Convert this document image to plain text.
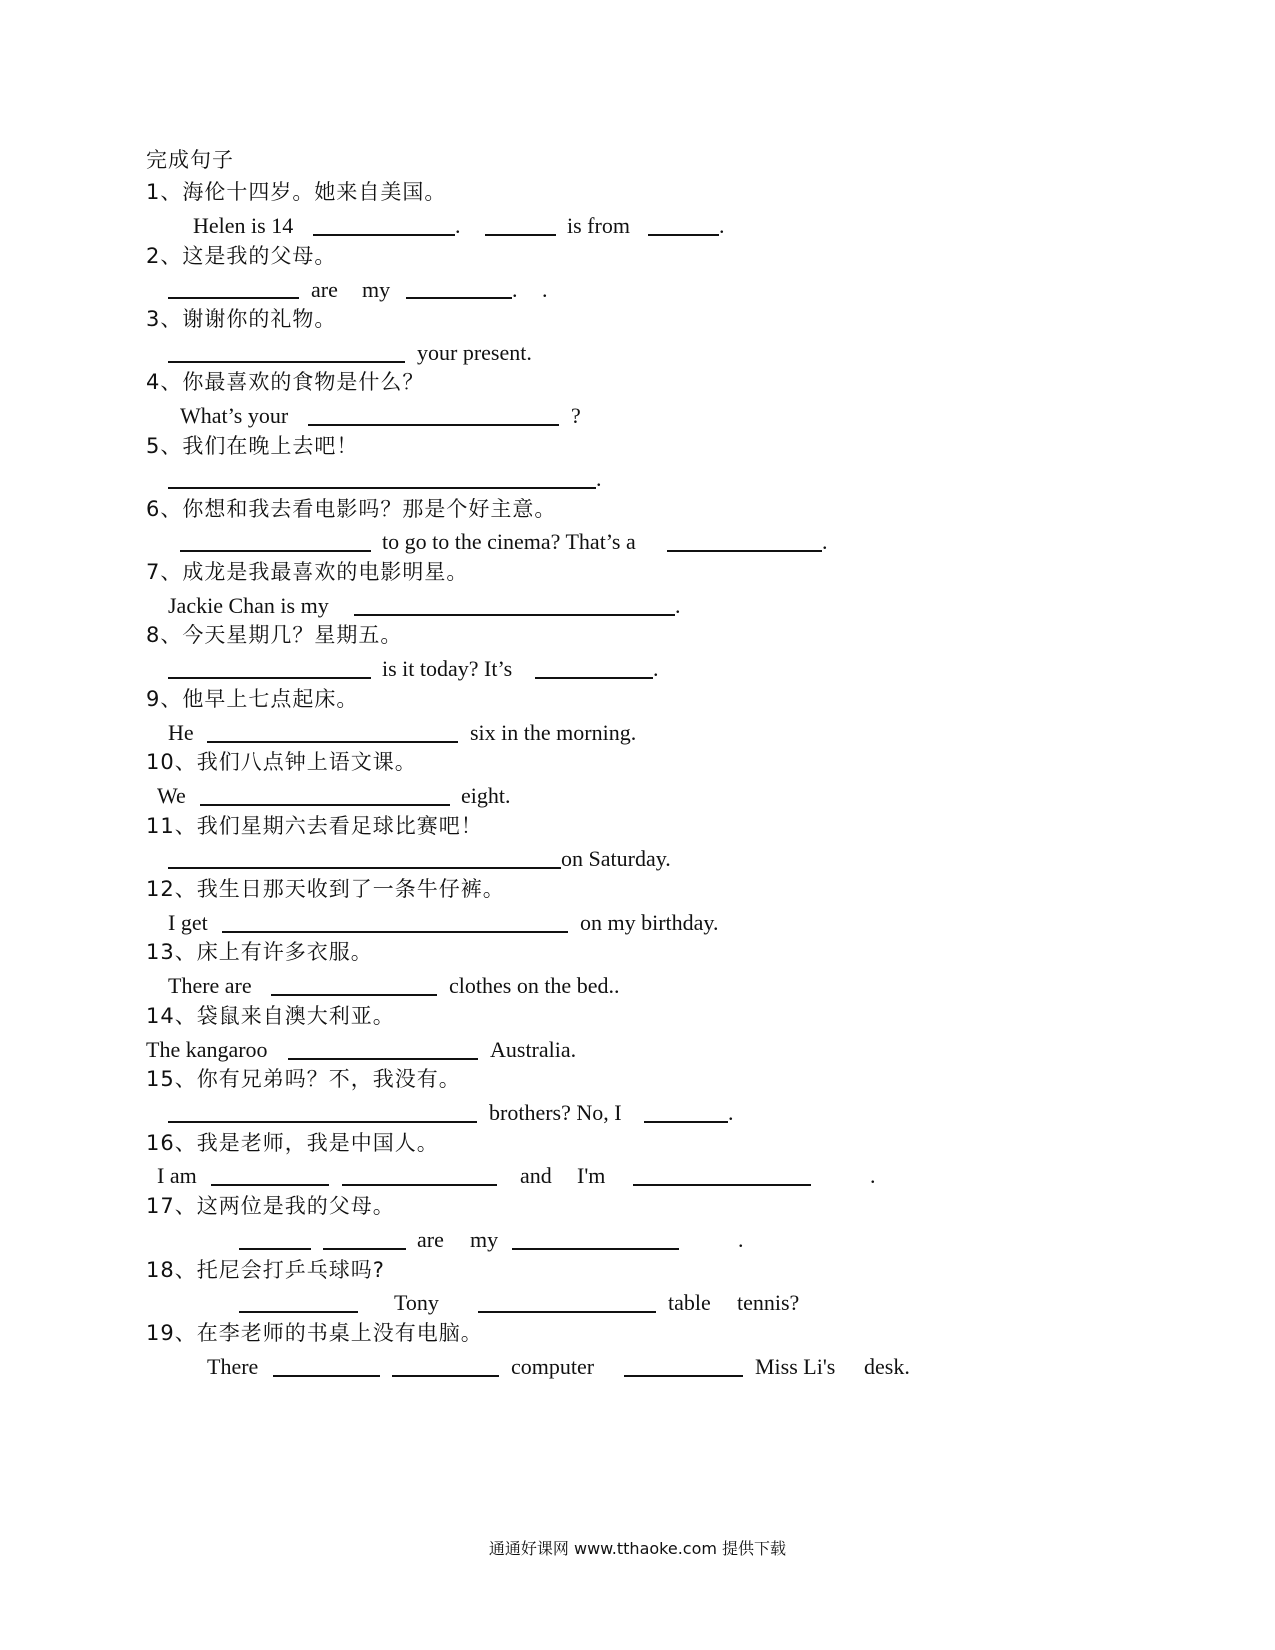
完成句子
1、海伦十四岁。她来自美国。
Helen is 14	.	is from	.
2、这是我的父母。
are my	. .
3、谢谢你的礼物。
your present.
4、你最喜欢的食物是什么？
What’s your	?
5、我们在晚上去吧！
.
6、你想和我去看电影吗？那是个好主意。
to go to the cinema? That’s a	.
7、成龙是我最喜欢的电影明星。
Jackie Chan is my	.
8、今天星期几？星期五。
is it today? It’s	.
9、他早上七点起床。
He	six in the morning.
10、我们八点钟上语文课。
We	eight.
11、我们星期六去看足球比赛吧！
on Saturday.
12、我生日那天收到了一条牛仔裤。
I get	on my birthday.
13、床上有许多衣服。
There are	clothes on the bed..
14、袋鼠来自澳大利亚。
The kangaroo	Australia.
15、你有兄弟吗？不，我没有。
brothers? No, I	.
16、我是老师，我是中国人。
I am	and I'm	.
17、这两位是我的父母。
are my	.
18、托尼会打乒乓球吗?
Tony	table tennis?
19、在李老师的书桌上没有电脑。
There	computer	Miss Li's desk.
通通好课网 www.tthaoke.com 提供下载
